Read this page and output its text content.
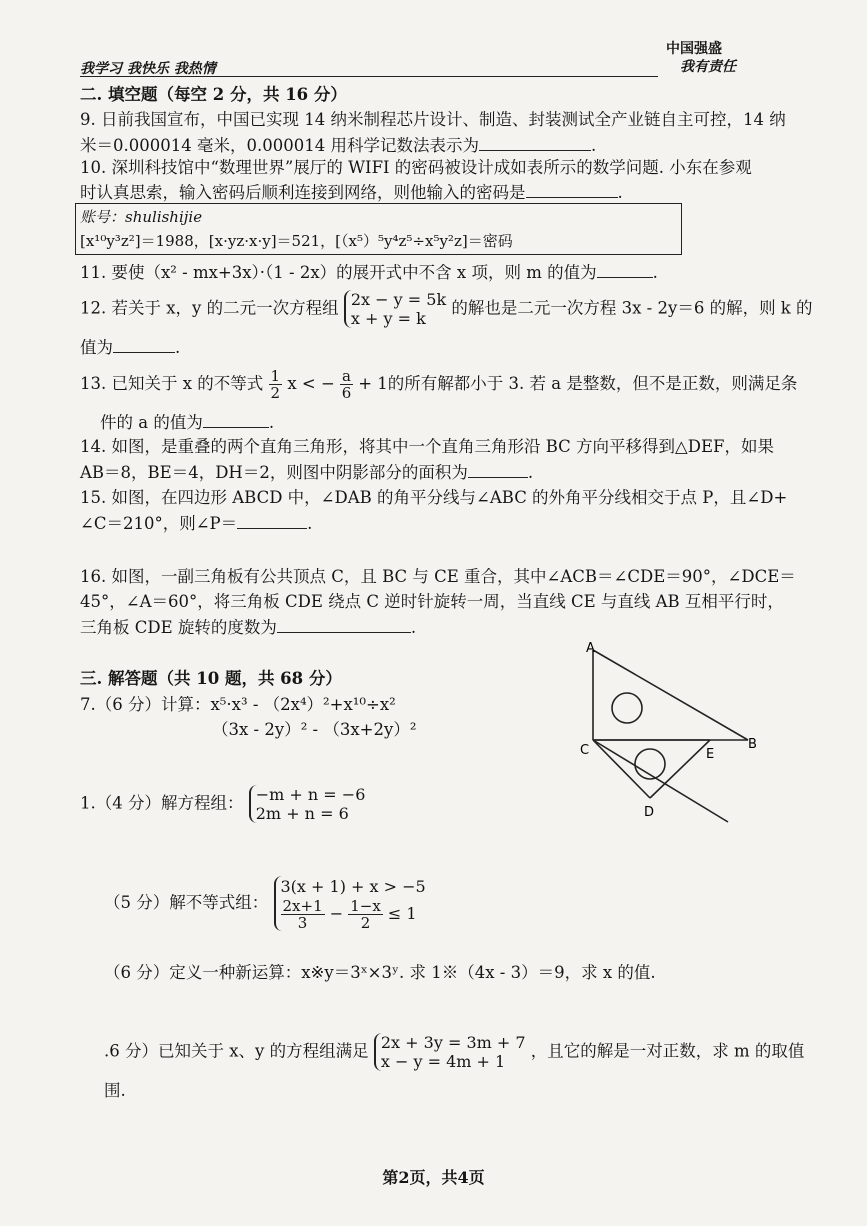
我学习 我快乐 我热情
中国强盛
我有责任
二. 填空题（每空 2 分，共 16 分）
9. 日前我国宣布，中国已实现 14 纳米制程芯片设计、制造、封装测试全产业链自主可控，14 纳
米＝0.000014 毫米，0.000014 用科学记数法表示为	.
10. 深圳科技馆中“数理世界”展厅的 WIFI 的密码被设计成如表所示的数学问题. 小东在参观
时认真思索，输入密码后顺利连接到网络，则他输入的密码是	.
账号：shulishijie
[x¹⁰y³z²]＝1988，[x·yz·x·y]＝521，[（x⁵）⁵y⁴z⁵÷x⁵y²z]＝密码
11. 要使（x² - mx+3x）·（1 - 2x）的展开式中不含 x 项，则 m 的值为	.
12. 若关于 x，y 的二元一次方程组 2x − y = 5k
x + y = k 的解也是二元一次方程 3x - 2y＝6 的解，则 k 的
值为	.
13. 已知关于 x 的不等式 $\frac{1}{2}$ x < − $\frac{a}{6} + 1$的所有解都小于 3. 若 a 是整数，但不是正数，则满足条
件的 a 的值为	.
14. 如图，是重叠的两个直角三角形，将其中一个直角三角形沿 BC 方向平移得到△DEF，如果
AB＝8，BE＝4，DH＝2，则图中阴影部分的面积为	.
15. 如图，在四边形 ABCD 中，∠DAB 的角平分线与∠ABC 的外角平分线相交于点 P，且∠D+
∠C＝210°，则∠P＝	.
16. 如图，一副三角板有公共顶点 C，且 BC 与 CE 重合，其中∠ACB＝∠CDE＝90°，∠DCE＝
45°，∠A＝60°，将三角板 CDE 绕点 C 逆时针旋转一周，当直线 CE 与直线 AB 互相平行时，
三角板 CDE 旋转的度数为	.
三. 解答题（共 10 题，共 68 分）
7.（6 分）计算：x⁵·x³ - （2x⁴）²+x¹⁰÷x²
（3x - 2y）² - （3x+2y）²
1.（4 分）解方程组： −m + n = −6
2m + n = 6
（5 分）解不等式组： 3(x + 1) + x > −5

$\frac{2x+1}{3} - \frac{1-x}{2} \le 1$
（6 分）定义一种新运算：x※y＝3ˣ×3ʸ. 求 1※（4x - 3）＝9，求 x 的值.
.6 分）已知关于 x、y 的方程组满足 2x + 3y = 3m + 7
x − y = 4m + 1 ，且它的解是一对正数，求 m 的取值
围.
A
B
C
D
E
第2页，共4页
